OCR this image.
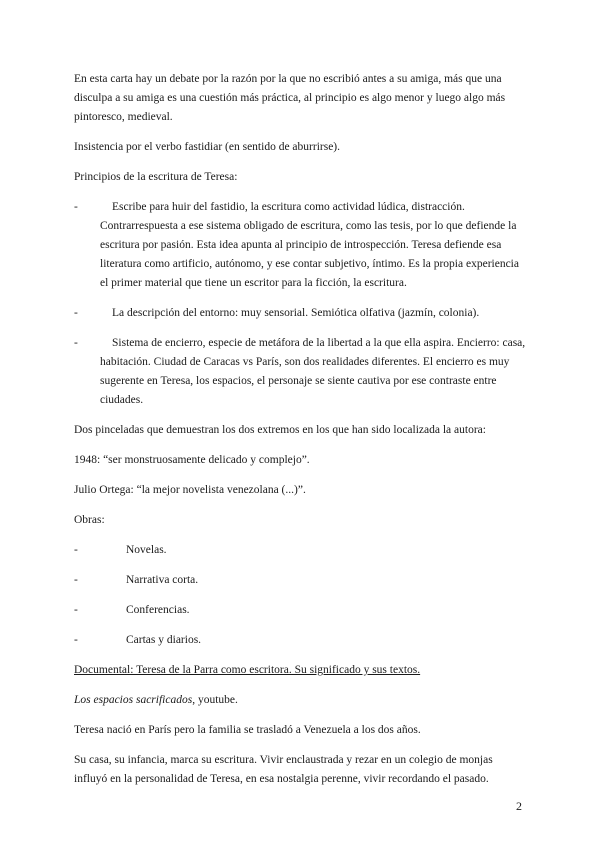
En esta carta hay un debate por la razón por la que no escribió antes a su amiga, más que una disculpa a su amiga es una cuestión más práctica, al principio es algo menor y luego algo más pintoresco, medieval.

Insistencia por el verbo fastidiar (en sentido de aburrirse).

Principios de la escritura de Teresa:

-	Escribe para huir del fastidio, la escritura como actividad lúdica, distracción. Contrarrespuesta a ese sistema obligado de escritura, como las tesis, por lo que defiende la escritura por pasión. Esta idea apunta al principio de introspección. Teresa defiende esa literatura como artificio, autónomo, y ese contar subjetivo, íntimo. Es la propia experiencia el primer material que tiene un escritor para la ficción, la escritura.
-	La descripción del entorno: muy sensorial. Semiótica olfativa (jazmín, colonia).
-	Sistema de encierro, especie de metáfora de la libertad a la que ella aspira. Encierro: casa, habitación. Ciudad de Caracas vs París, son dos realidades diferentes. El encierro es muy sugerente en Teresa, los espacios, el personaje se siente cautiva por ese contraste entre ciudades.

Dos pinceladas que demuestran los dos extremos en los que han sido localizada la autora:

1948: “ser monstruosamente delicado y complejo”.

Julio Ortega: “la mejor novelista venezolana (...)”.

Obras:

-	Novelas.
-	Narrativa corta.
-	Conferencias.
-	Cartas y diarios.

Documental: Teresa de la Parra como escritora. Su significado y sus textos.

Los espacios sacrificados, youtube.

Teresa nació en París pero la familia se trasladó a Venezuela a los dos años.

Su casa, su infancia, marca su escritura. Vivir enclaustrada y rezar en un colegio de monjas influyó en la personalidad de Teresa, en esa nostalgia perenne, vivir recordando el pasado.

2
